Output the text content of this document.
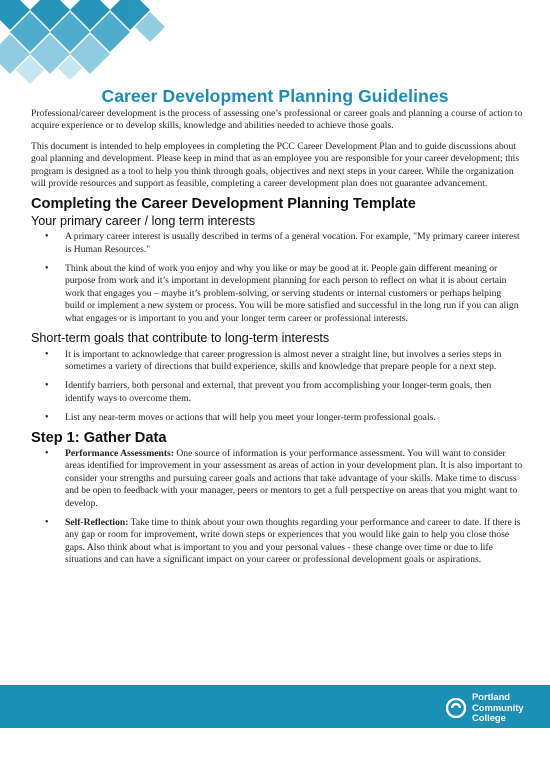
Career Development Planning Guidelines

Professional/career development is the process of assessing one’s professional or career goals and planning a course of action to acquire experience or to develop skills, knowledge and abilities needed to achieve those goals.

This document is intended to help employees in completing the PCC Career Development Plan and to guide discussions about goal planning and development. Please keep in mind that as an employee you are responsible for your career development; this program is designed as a tool to help you think through goals, objectives and next steps in your career. While the organization will provide resources and support as feasible, completing a career development plan does not guarantee advancement.

Completing the Career Development Planning Template
Your primary career / long term interests
• A primary career interest is usually described in terms of a general vocation. For example, "My primary career interest is Human Resources."
• Think about the kind of work you enjoy and why you like or may be good at it. People gain different meaning or purpose from work and it’s important in development planning for each person to reflect on what it is about certain work that engages you – maybe it’s problem-solving, or serving students or internal customers or perhaps helping build or implement a new system or process. You will be more satisfied and successful in the long run if you can align what engages or is important to you and your longer term career or professional interests.
Short-term goals that contribute to long-term interests
• It is important to acknowledge that career progression is almost never a straight line, but involves a series steps in sometimes a variety of directions that build experience, skills and knowledge that prepare people for a next step.
• Identify barriers, both personal and external, that prevent you from accomplishing your longer-term goals, then identify ways to overcome them.
• List any near-term moves or actions that will help you meet your longer-term professional goals.
Step 1: Gather Data
• Performance Assessments: One source of information is your performance assessment. You will want to consider areas identified for improvement in your assessment as areas of action in your development plan. It is also important to consider your strengths and pursuing career goals and actions that take advantage of your skills. Make time to discuss and be open to feedback with your manager, peers or mentors to get a full perspective on areas that you might want to develop.
• Self-Reflection: Take time to think about your own thoughts regarding your performance and career to date. If there is any gap or room for improvement, write down steps or experiences that you would like gain to help you close those gaps. Also think about what is important to you and your personal values - these change over time or due to life situations and can have a significant impact on your career or professional development goals or aspirations.
Portland
Community
College
